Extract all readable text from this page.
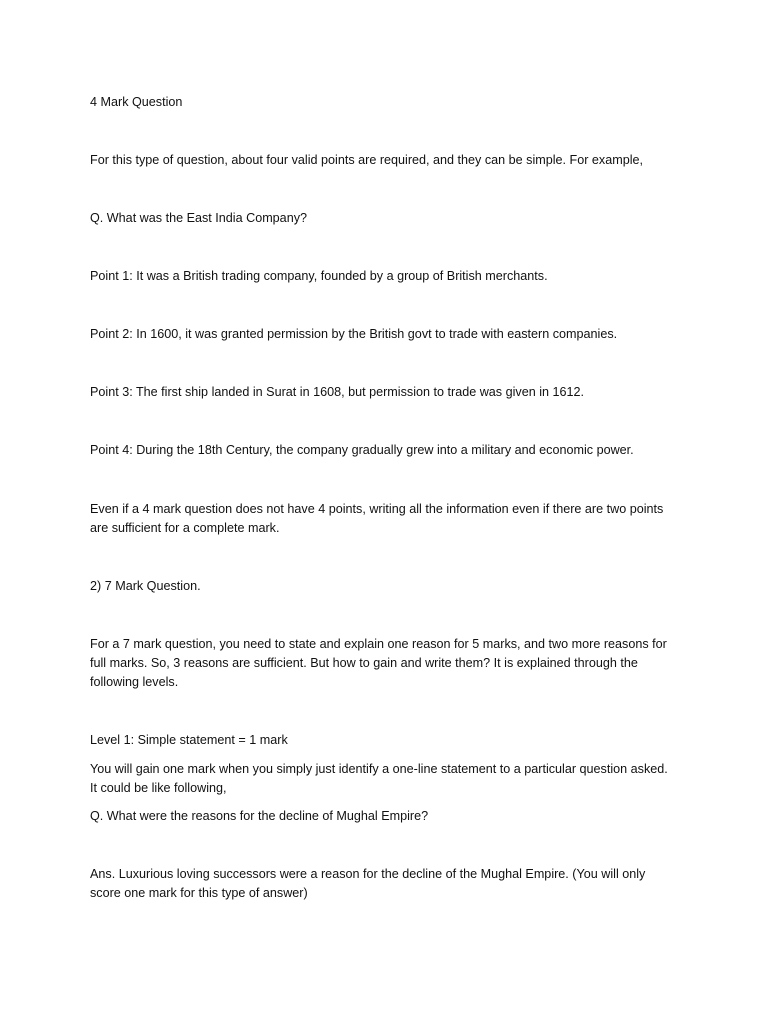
4 Mark Question
For this type of question, about four valid points are required, and they can be simple. For example,
Q. What was the East India Company?
Point 1: It was a British trading company, founded by a group of British merchants.
Point 2: In 1600, it was granted permission by the British govt to trade with eastern companies.
Point 3: The first ship landed in Surat in 1608, but permission to trade was given in 1612.
Point 4: During the 18th Century, the company gradually grew into a military and economic power.
Even if a 4 mark question does not have 4 points, writing all the information even if there are two points
are sufficient for a complete mark.
2) 7 Mark Question.
For a 7 mark question, you need to state and explain one reason for 5 marks, and two more reasons for
full marks. So, 3 reasons are sufficient. But how to gain and write them? It is explained through the
following levels.
Level 1: Simple statement = 1 mark
You will gain one mark when you simply just identify a one-line statement to a particular question asked.
It could be like following,
Q. What were the reasons for the decline of Mughal Empire?
Ans. Luxurious loving successors were a reason for the decline of the Mughal Empire. (You will only
score one mark for this type of answer)
